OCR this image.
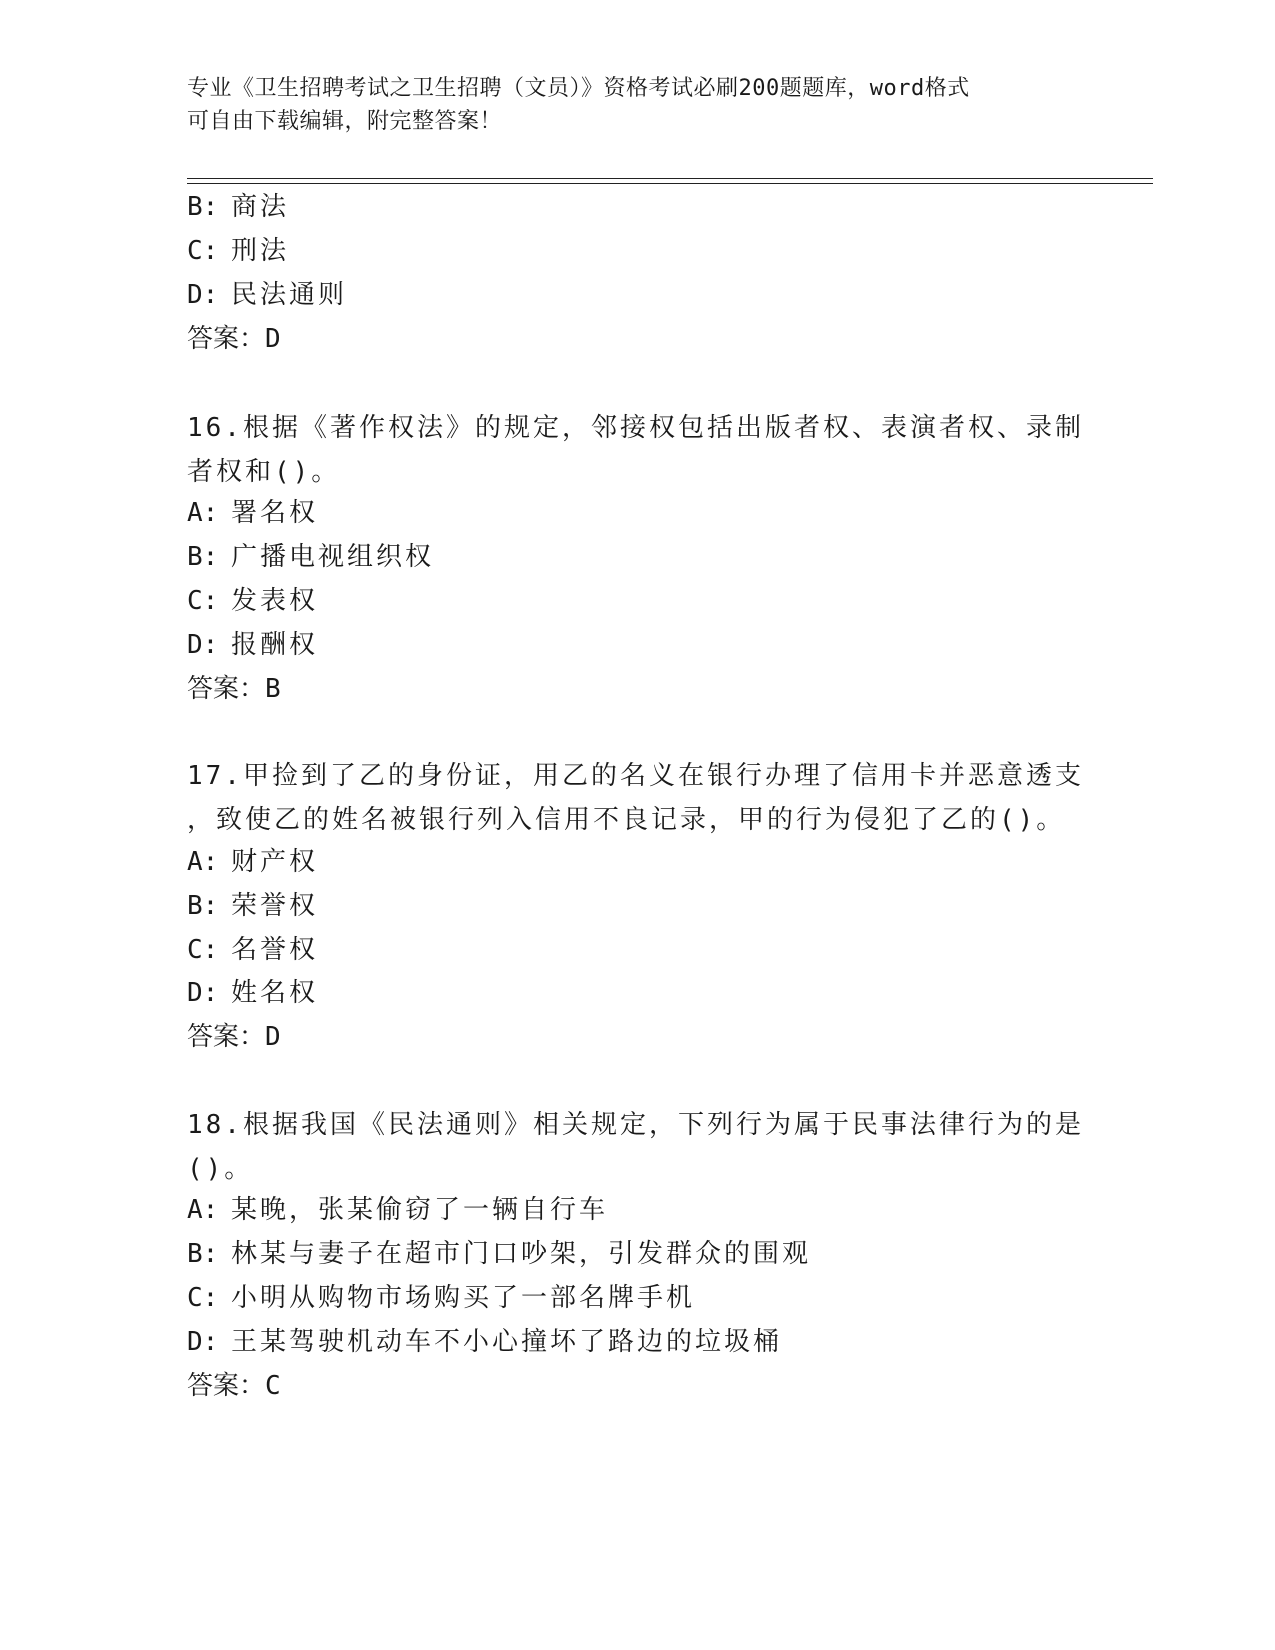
专业《卫生招聘考试之卫生招聘（文员）》资格考试必刷200题题库，word格式
可自由下载编辑，附完整答案！
B: 商法
C: 刑法
D: 民法通则
答案：D
16.根据《著作权法》的规定，邻接权包括出版者权、表演者权、录制
者权和()。
A: 署名权
B: 广播电视组织权
C: 发表权
D: 报酬权
答案：B
17.甲捡到了乙的身份证，用乙的名义在银行办理了信用卡并恶意透支
，致使乙的姓名被银行列入信用不良记录，甲的行为侵犯了乙的()。
A: 财产权
B: 荣誉权
C: 名誉权
D: 姓名权
答案：D
18.根据我国《民法通则》相关规定，下列行为属于民事法律行为的是
()。
A: 某晚，张某偷窃了一辆自行车
B: 林某与妻子在超市门口吵架，引发群众的围观
C: 小明从购物市场购买了一部名牌手机
D: 王某驾驶机动车不小心撞坏了路边的垃圾桶
答案：C
